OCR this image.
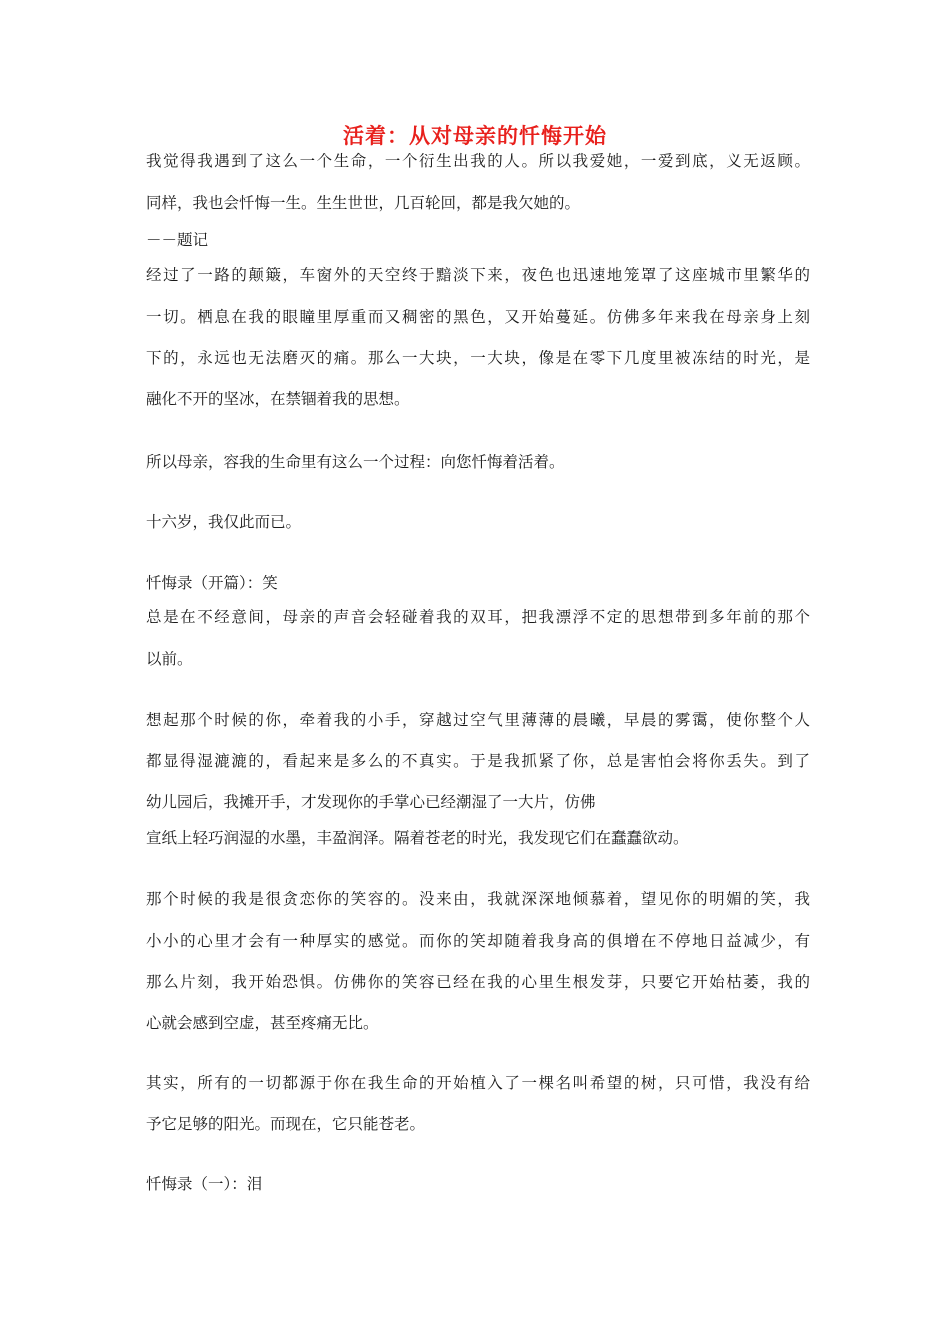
活着：从对母亲的忏悔开始
我觉得我遇到了这么一个生命，一个衍生出我的人。所以我爱她，一爱到底，义无返顾。
同样，我也会忏悔一生。生生世世，几百轮回，都是我欠她的。
－－题记
经过了一路的颠簸，车窗外的天空终于黯淡下来，夜色也迅速地笼罩了这座城市里繁华的
一切。栖息在我的眼瞳里厚重而又稠密的黑色，又开始蔓延。仿佛多年来我在母亲身上刻
下的，永远也无法磨灭的痛。那么一大块，一大块，像是在零下几度里被冻结的时光，是
融化不开的坚冰，在禁锢着我的思想。
所以母亲，容我的生命里有这么一个过程：向您忏悔着活着。
十六岁，我仅此而已。
忏悔录（开篇）：笑
总是在不经意间，母亲的声音会轻碰着我的双耳，把我漂浮不定的思想带到多年前的那个
以前。
想起那个时候的你，牵着我的小手，穿越过空气里薄薄的晨曦，早晨的雾霭，使你整个人
都显得湿漉漉的，看起来是多么的不真实。于是我抓紧了你，总是害怕会将你丢失。到了
幼儿园后，我摊开手，才发现你的手掌心已经潮湿了一大片，仿佛
宣纸上轻巧润湿的水墨，丰盈润泽。隔着苍老的时光，我发现它们在蠢蠢欲动。
那个时候的我是很贪恋你的笑容的。没来由，我就深深地倾慕着，望见你的明媚的笑，我
小小的心里才会有一种厚实的感觉。而你的笑却随着我身高的俱增在不停地日益减少，有
那么片刻，我开始恐惧。仿佛你的笑容已经在我的心里生根发芽，只要它开始枯萎，我的
心就会感到空虚，甚至疼痛无比。
其实，所有的一切都源于你在我生命的开始植入了一棵名叫希望的树，只可惜，我没有给
予它足够的阳光。而现在，它只能苍老。
忏悔录（一）：泪
